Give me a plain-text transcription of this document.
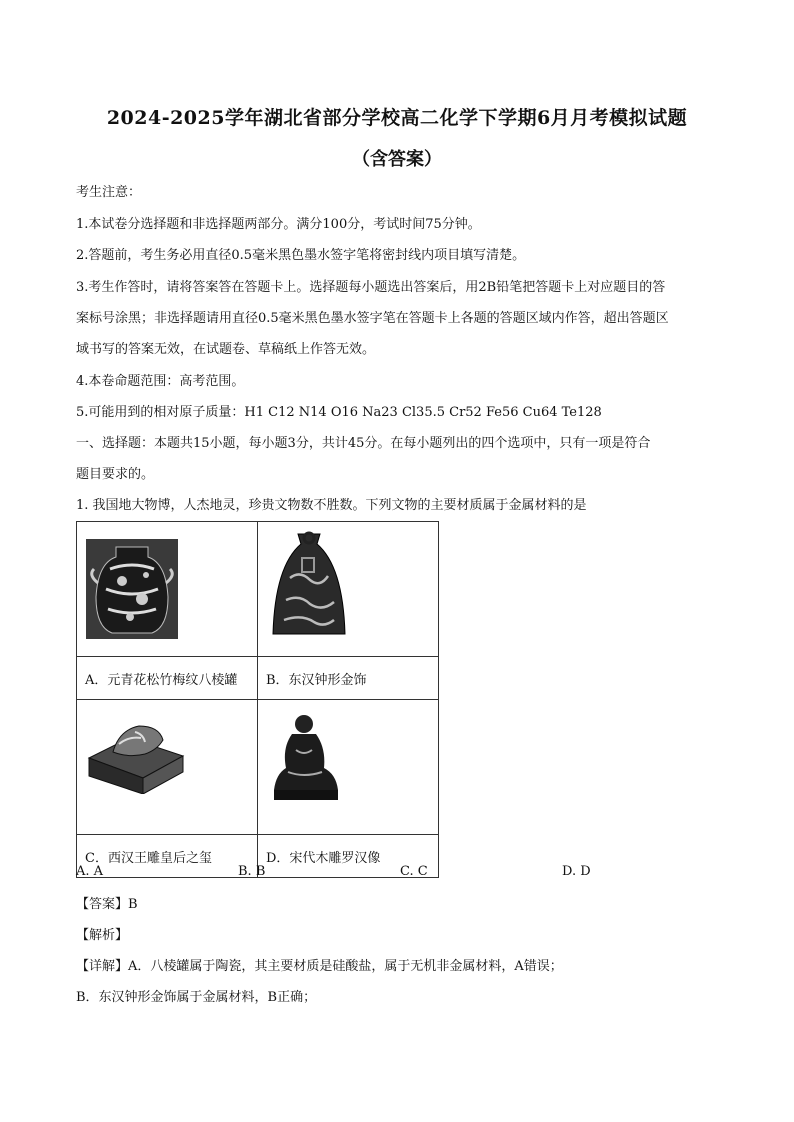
2024-2025学年湖北省部分学校高二化学下学期6月月考模拟试题
（含答案）
考生注意：
1.本试卷分选择题和非选择题两部分。满分100分，考试时间75分钟。
2.答题前，考生务必用直径0.5毫米黑色墨水签字笔将密封线内项目填写清楚。
3.考生作答时，请将答案答在答题卡上。选择题每小题选出答案后，用2B铅笔把答题卡上对应题目的答
案标号涂黑；非选择题请用直径0.5毫米黑色墨水签字笔在答题卡上各题的答题区域内作答，超出答题区
域书写的答案无效，在试题卷、草稿纸上作答无效。
4.本卷命题范围：高考范围。
5.可能用到的相对原子质量：H1 C12 N14 O16 Na23 Cl35.5 Cr52 Fe56 Cu64 Te128
一、选择题：本题共15小题，每小题3分，共计45分。在每小题列出的四个选项中，只有一项是符合
题目要求的。
1. 我国地大物博，人杰地灵，珍贵文物数不胜数。下列文物的主要材质属于金属材料的是

A．元青花松竹梅纹八棱罐	B．东汉钟形金饰

C．西汉王雕皇后之玺	D．宋代木雕罗汉像
A. A	B. B	C. C	D. D
【答案】B
【解析】
【详解】A．八棱罐属于陶瓷，其主要材质是硅酸盐，属于无机非金属材料，A错误；
B．东汉钟形金饰属于金属材料，B正确；
